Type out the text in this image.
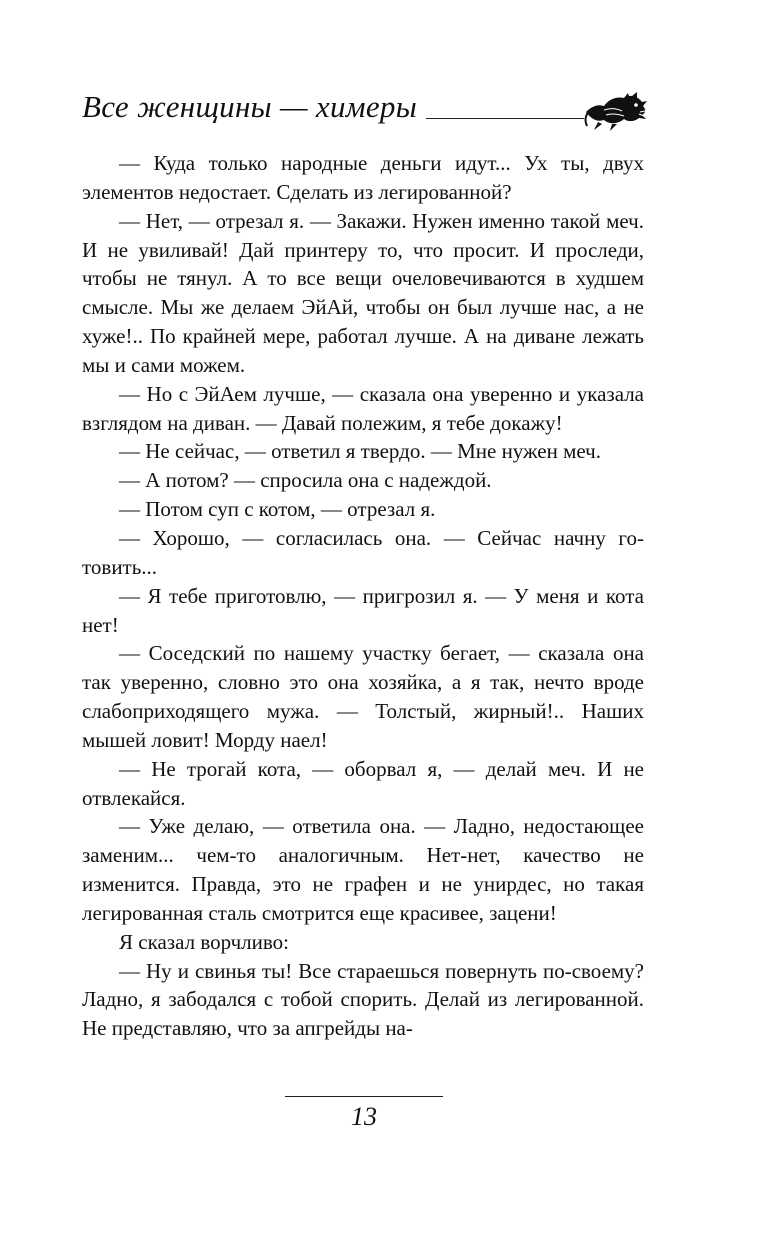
Все женщины — химеры

— Куда только народные деньги идут... Ух ты, двух элементов недостает. Сделать из легированной?

— Нет, — отрезал я. — Закажи. Нужен именно такой меч. И не увиливай! Дай принтеру то, что просит. И проследи, чтобы не тянул. А то все вещи очеловечиваются в худшем смысле. Мы же делаем ЭйАй, чтобы он был лучше нас, а не хуже!.. По крайней мере, работал лучше. А на диване лежать мы и сами можем.

— Но с ЭйАем лучше, — сказала она уверенно и указала взглядом на диван. — Давай полежим, я тебе докажу!

— Не сейчас, — ответил я твердо. — Мне нужен меч.

— А потом? — спросила она с надеждой.

— Потом суп с котом, — отрезал я.

— Хорошо, — согласилась она. — Сейчас начну готовить...

— Я тебе приготовлю, — пригрозил я. — У меня и кота нет!

— Соседский по нашему участку бегает, — сказала она так уверенно, словно это она хозяйка, а я так, нечто вроде слабоприходящего мужа. — Толстый, жирный!.. Наших мышей ловит! Морду наел!

— Не трогай кота, — оборвал я, — делай меч. И не отвлекайся.

— Уже делаю, — ответила она. — Ладно, недостающее заменим... чем-то аналогичным. Нет-нет, качество не изменится. Правда, это не графен и не унирдес, но такая легированная сталь смотрится еще красивее, зацени!

Я сказал ворчливо:

— Ну и свинья ты! Все стараешься повернуть по-своему? Ладно, я забодался с тобой спорить. Делай из легированной. Не представляю, что за апгрейды на-

13
